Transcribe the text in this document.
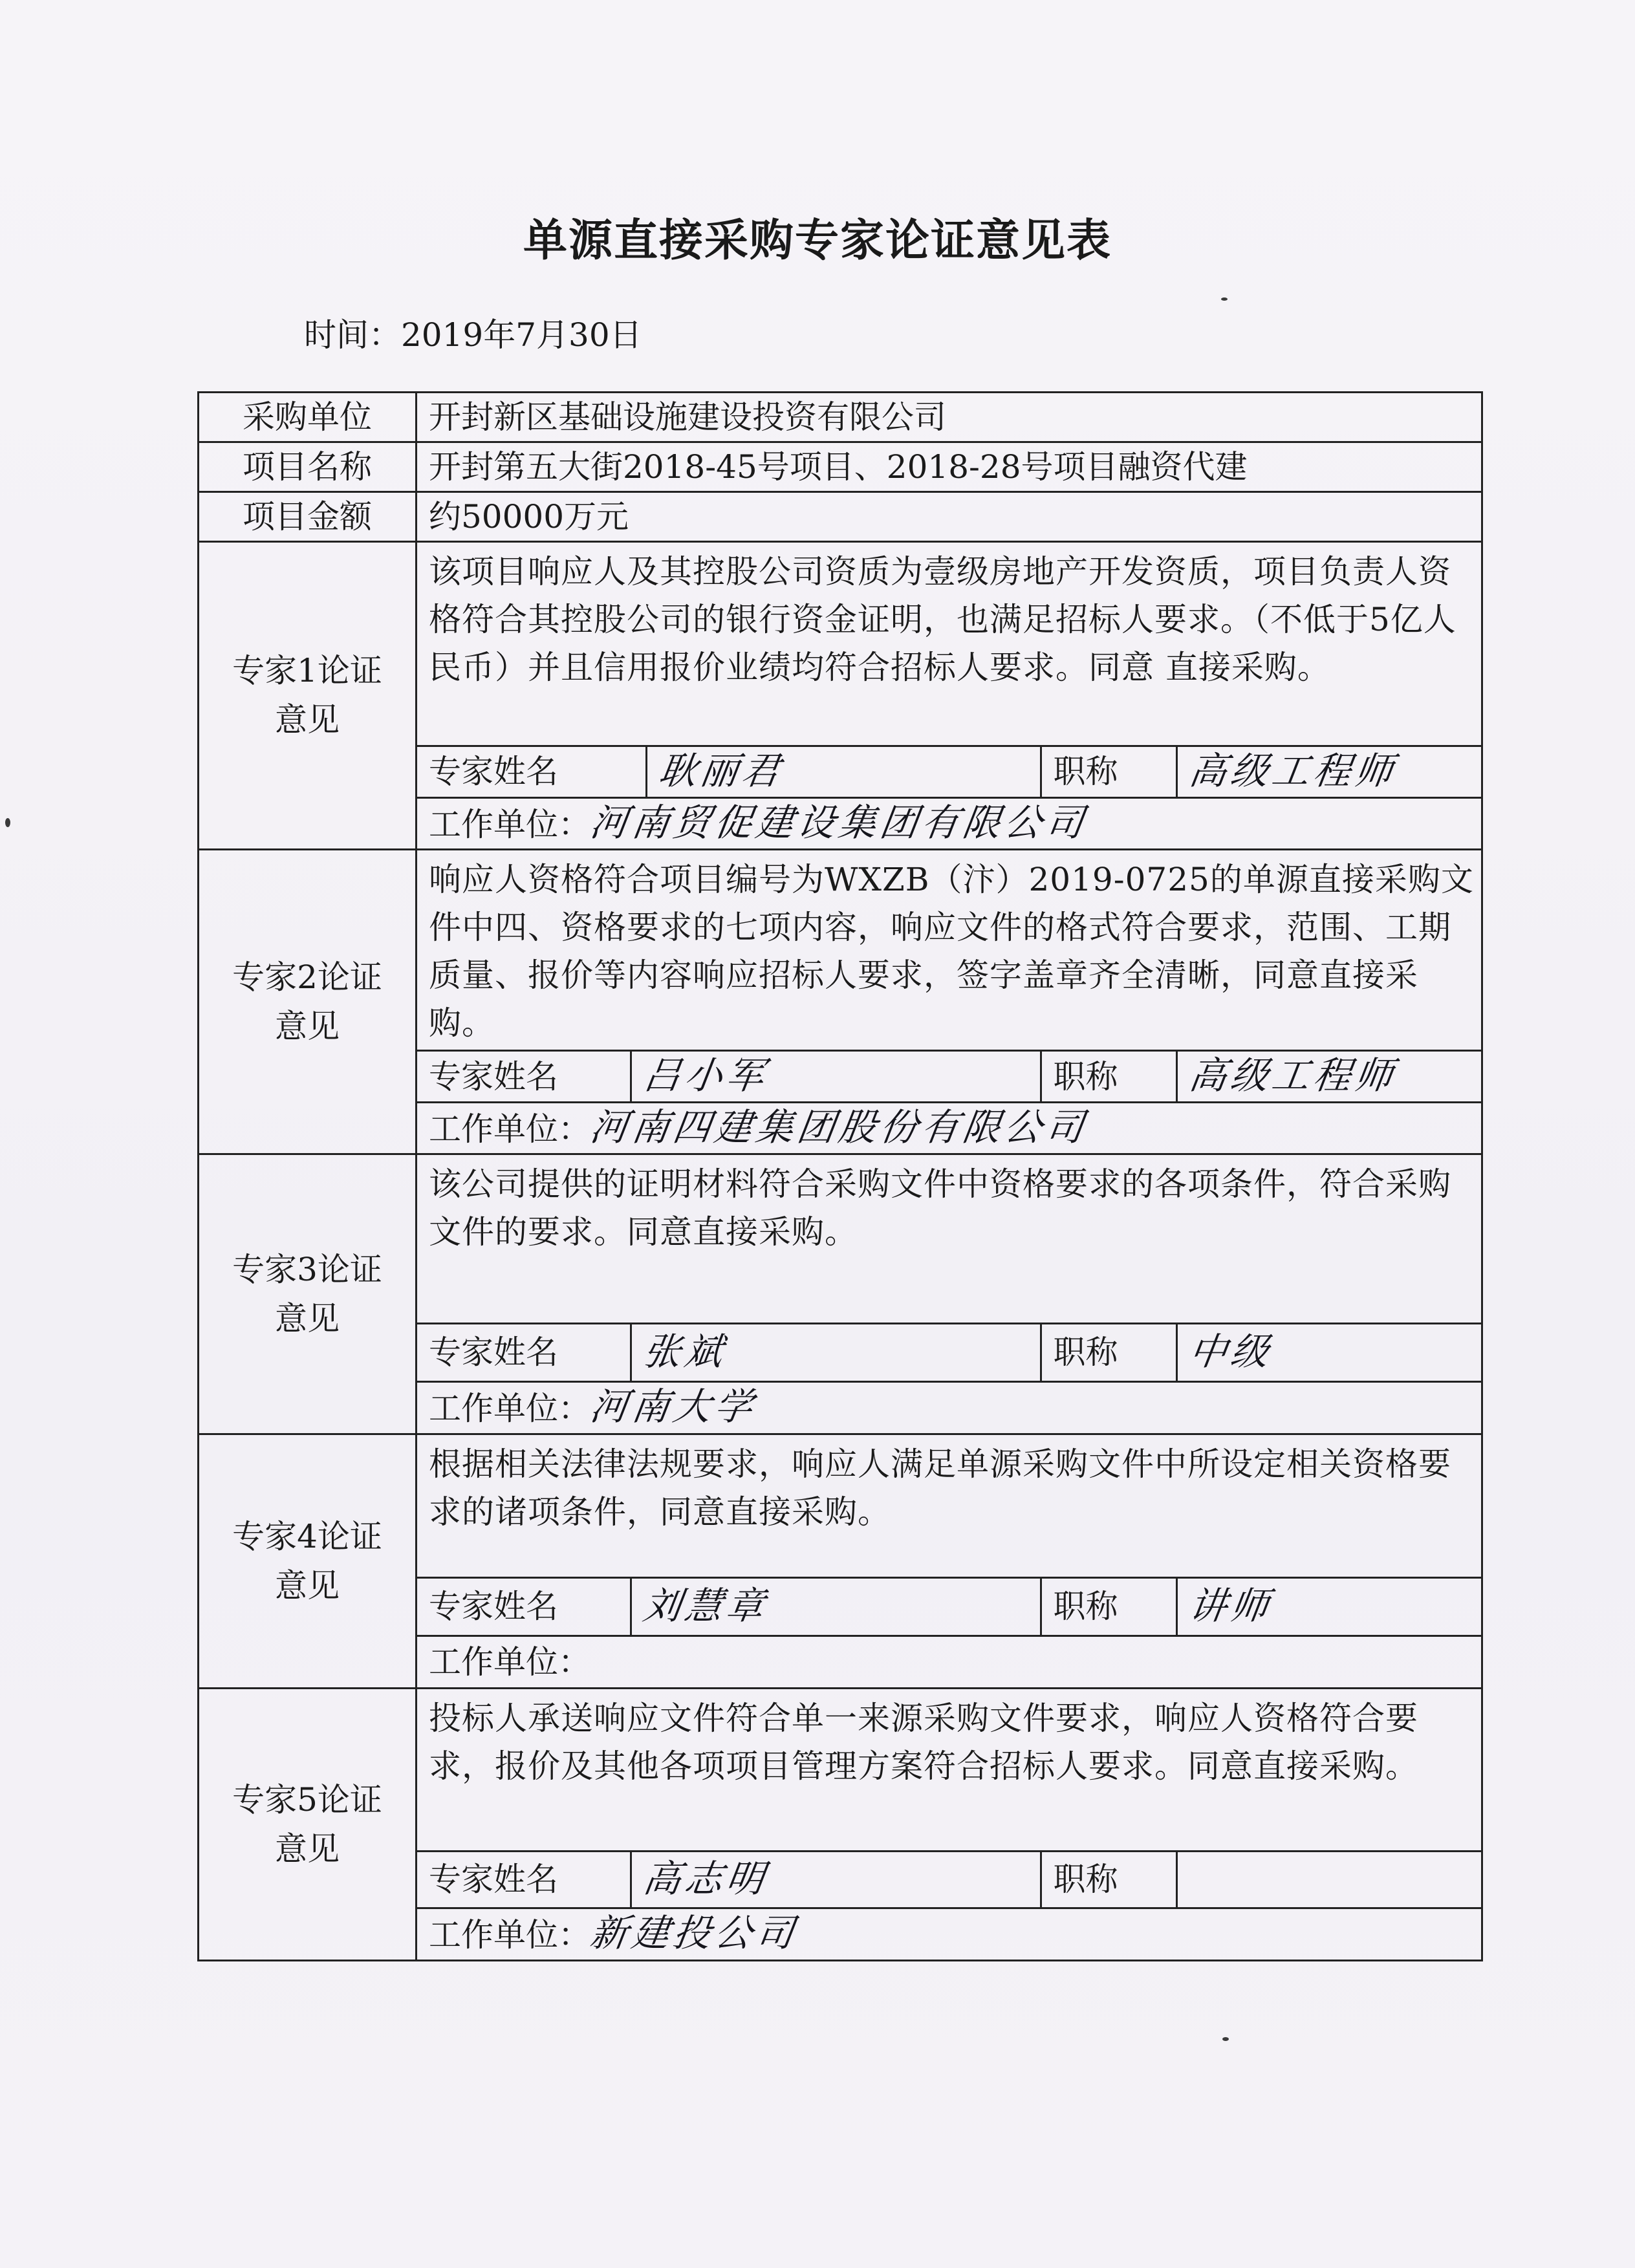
单源直接采购专家论证意见表
时间：2019年7月30日
采购单位	开封新区基础设施建设投资有限公司
项目名称	开封第五大街2018-45号项目、2018-28号项目融资代建
项目金额	约50000万元

专家1论证
意见

该项目响应人及其控股公司资质为壹级房地产开发资质，项目负责人资格符合其控股公司的银行资金证明，也满足招标人要求。（不低于5亿人民币）并且信用报价业绩均符合招标人要求。同意 直接采购。
专家姓名	耿丽君	职称	高级工程师
工作单位：河南贸促建设集团有限公司

专家2论证
意见

响应人资格符合项目编号为WXZB（汴）2019-0725的单源直接采购文件中四、资格要求的七项内容，响应文件的格式符合要求，范围、工期质量、报价等内容响应招标人要求，签字盖章齐全清晰，同意直接采购。
专家姓名	吕小军	职称	高级工程师
工作单位：河南四建集团股份有限公司

专家3论证
意见

该公司提供的证明材料符合采购文件中资格要求的各项条件，符合采购文件的要求。同意直接采购。
专家姓名	张斌	职称	中级
工作单位：河南大学

专家4论证
意见

根据相关法律法规要求，响应人满足单源采购文件中所设定相关资格要求的诸项条件，同意直接采购。
专家姓名	刘慧章	职称	讲师
工作单位：

专家5论证
意见

投标人承送响应文件符合单一来源采购文件要求，响应人资格符合要求，报价及其他各项项目管理方案符合招标人要求。同意直接采购。
专家姓名	高志明	职称	
工作单位：新建投公司
